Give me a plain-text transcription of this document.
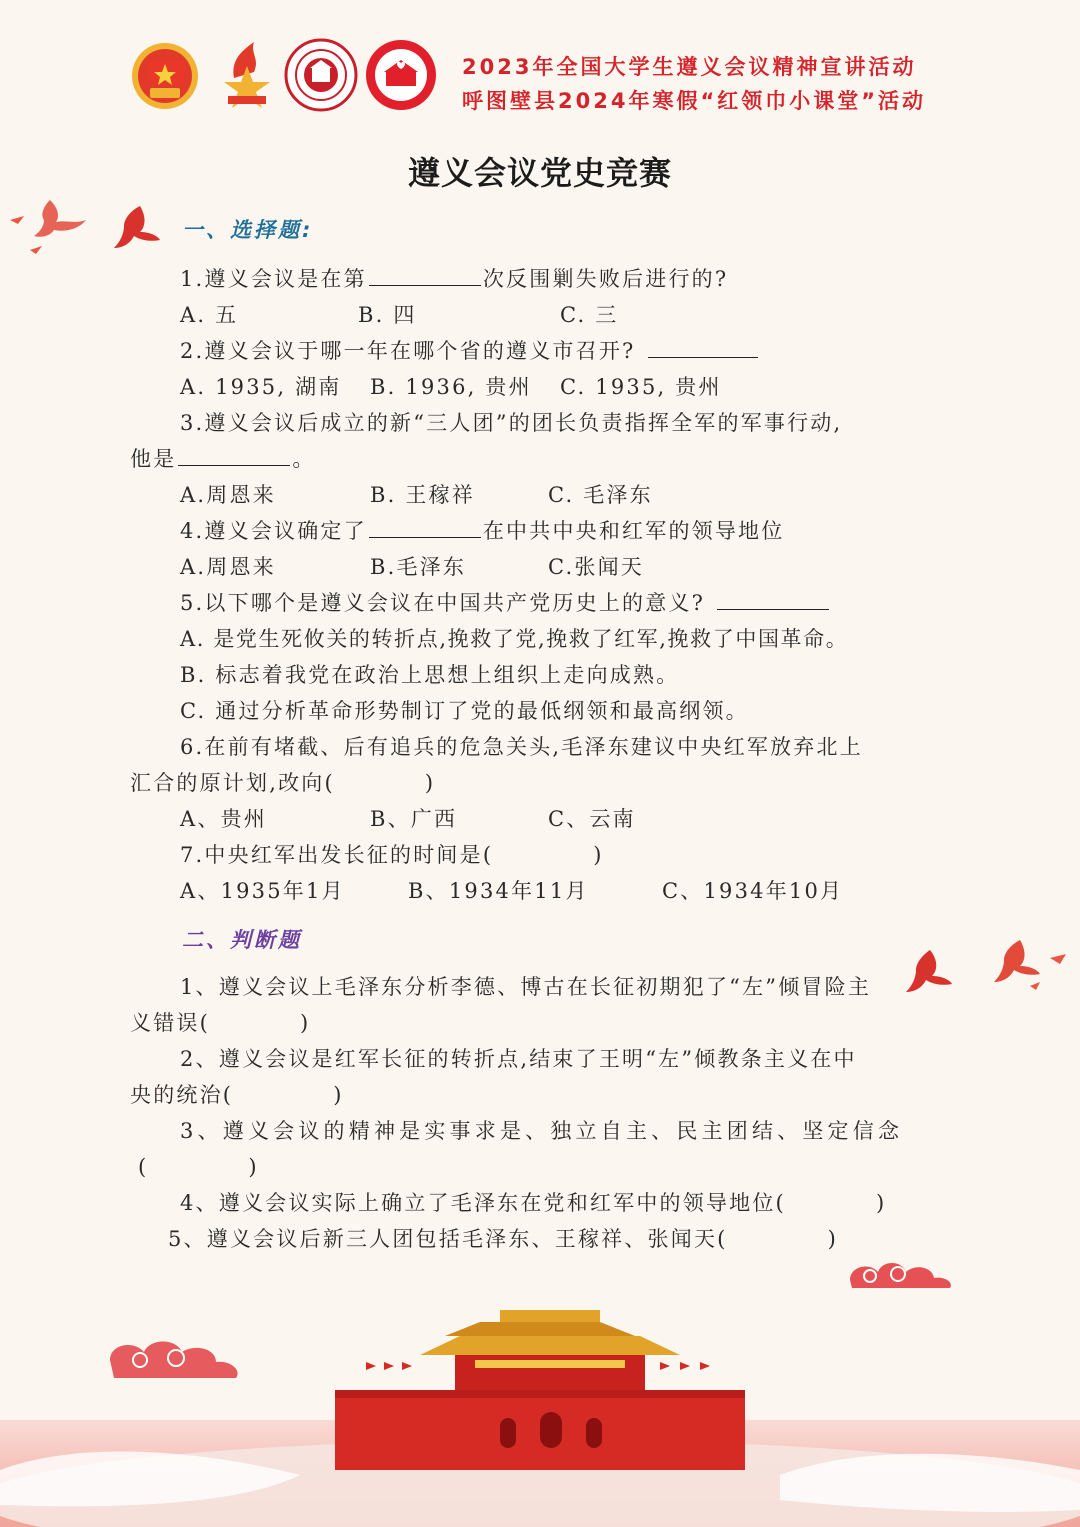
2023年全国大学生遵义会议精神宣讲活动
呼图壁县2024年寒假“红领巾小课堂”活动
遵义会议党史竞赛
一、选择题:
二、判断题
1.遵义会议是在第	次反围剿失败后进行的?
A. 五	B. 四	C. 三
2.遵义会议于哪一年在哪个省的遵义市召开?
A. 1935, 湖南 B. 1936, 贵州 C. 1935, 贵州
3.遵义会议后成立的新“三人团”的团长负责指挥全军的军事行动,
他是	。
A.周恩来	B. 王稼祥	C. 毛泽东
4.遵义会议确定了	在中共中央和红军的领导地位
A.周恩来	B.毛泽东	C.张闻天
5.以下哪个是遵义会议在中国共产党历史上的意义?
A. 是党生死攸关的转折点,挽救了党,挽救了红军,挽救了中国革命。
B. 标志着我党在政治上思想上组织上走向成熟。
C. 通过分析革命形势制订了党的最低纲领和最高纲领。
6.在前有堵截、后有追兵的危急关头,毛泽东建议中央红军放弃北上
汇合的原计划,改向(	)
A、贵州	B、广西	C、云南
7.中央红军出发长征的时间是(	)
A、1935年1月	B、1934年11月	C、1934年10月
1、遵义会议上毛泽东分析李德、博古在长征初期犯了“左”倾冒险主
义错误(	)
2、遵义会议是红军长征的转折点,结束了王明“左”倾教条主义在中
央的统治(	)
3、遵义会议的精神是实事求是、独立自主、民主团结、坚定信念
(	)
4、遵义会议实际上确立了毛泽东在党和红军中的领导地位(	)
5、遵义会议后新三人团包括毛泽东、王稼祥、张闻天(	)
